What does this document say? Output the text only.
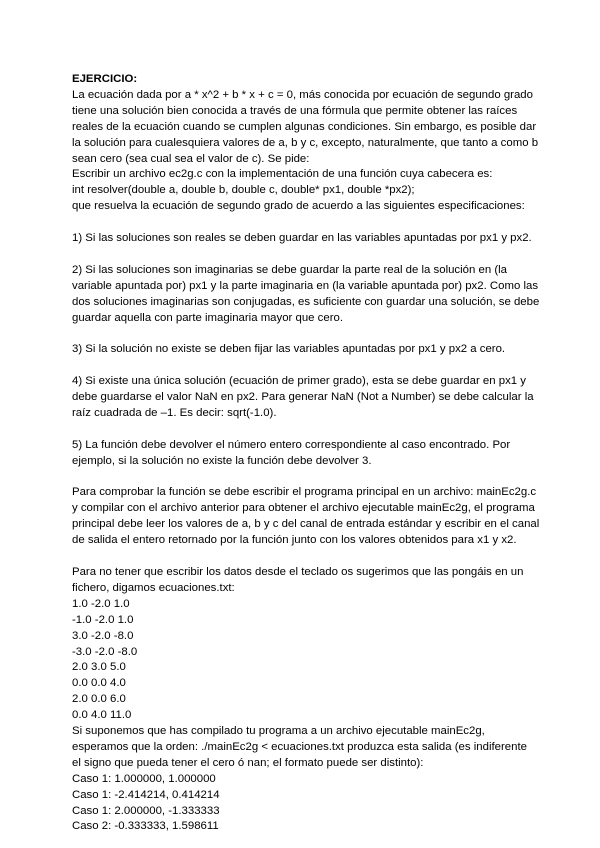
EJERCICIO:
La ecuación dada por a * x^2 + b * x + c = 0, más conocida por ecuación de segundo grado
tiene una solución bien conocida a través de una fórmula que permite obtener las raíces
reales de la ecuación cuando se cumplen algunas condiciones. Sin embargo, es posible dar
la solución para cualesquiera valores de a, b y c, excepto, naturalmente, que tanto a como b
sean cero (sea cual sea el valor de c). Se pide:
Escribir un archivo ec2g.c con la implementación de una función cuya cabecera es:
int resolver(double a, double b, double c, double* px1, double *px2);
que resuelva la ecuación de segundo grado de acuerdo a las siguientes especificaciones:
1) Si las soluciones son reales se deben guardar en las variables apuntadas por px1 y px2.
2) Si las soluciones son imaginarias se debe guardar la parte real de la solución en (la
variable apuntada por) px1 y la parte imaginaria en (la variable apuntada por) px2. Como las
dos soluciones imaginarias son conjugadas, es suficiente con guardar una solución, se debe
guardar aquella con parte imaginaria mayor que cero.
3) Si la solución no existe se deben fijar las variables apuntadas por px1 y px2 a cero.
4) Si existe una única solución (ecuación de primer grado), esta se debe guardar en px1 y
debe guardarse el valor NaN en px2. Para generar NaN (Not a Number) se debe calcular la
raíz cuadrada de –1. Es decir: sqrt(-1.0).
5) La función debe devolver el número entero correspondiente al caso encontrado. Por
ejemplo, si la solución no existe la función debe devolver 3.
Para comprobar la función se debe escribir el programa principal en un archivo: mainEc2g.c
y compilar con el archivo anterior para obtener el archivo ejecutable mainEc2g, el programa
principal debe leer los valores de a, b y c del canal de entrada estándar y escribir en el canal
de salida el entero retornado por la función junto con los valores obtenidos para x1 y x2.
Para no tener que escribir los datos desde el teclado os sugerimos que las pongáis en un
fichero, digamos ecuaciones.txt:
1.0 -2.0 1.0
-1.0 -2.0 1.0
3.0 -2.0 -8.0
-3.0 -2.0 -8.0
2.0 3.0 5.0
0.0 0.0 4.0
2.0 0.0 6.0
0.0 4.0 11.0
Si suponemos que has compilado tu programa a un archivo ejecutable mainEc2g,
esperamos que la orden: ./mainEc2g < ecuaciones.txt produzca esta salida (es indiferente
el signo que pueda tener el cero ó nan; el formato puede ser distinto):
Caso 1: 1.000000, 1.000000
Caso 1: -2.414214, 0.414214
Caso 1: 2.000000, -1.333333
Caso 2: -0.333333, 1.598611
